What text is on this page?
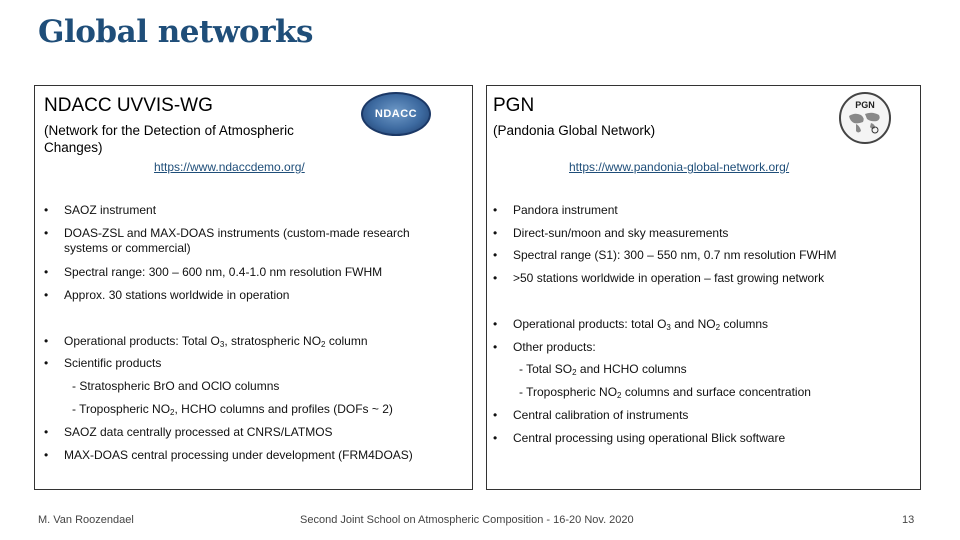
Global networks
NDACC UVVIS-WG
(Network for the Detection of Atmospheric Changes)
NDACC
https://www.ndaccdemo.org/
• SAOZ instrument
• DOAS-ZSL and MAX-DOAS instruments (custom-made research systems or commercial)
• Spectral range: 300 – 600 nm, 0.4-1.0 nm resolution FWHM
• Approx. 30 stations worldwide in operation
• Operational products: Total $O_3$, stratospheric $NO_2$ column
• Scientific products
- Stratospheric BrO and OClO columns
- Tropospheric $NO_2$, HCHO columns and profiles (DOFs ~ 2)
• SAOZ data centrally processed at CNRS/LATMOS
• MAX-DOAS central processing under development (FRM4DOAS)
PGN
(Pandonia Global Network)
PGN
https://www.pandonia-global-network.org/
• Pandora instrument
• Direct-sun/moon and sky measurements
• Spectral range (S1): 300 – 550 nm, 0.7 nm resolution FWHM
• >50 stations worldwide in operation – fast growing network
• Operational products: total $O_3$ and $NO_2$ columns
• Other products:
- Total $SO_2$ and HCHO columns
- Tropospheric $NO_2$ columns and surface concentration
• Central calibration of instruments
• Central processing using operational Blick software
M. Van Roozendael	Second Joint School on Atmospheric Composition - 16-20 Nov. 2020	13
